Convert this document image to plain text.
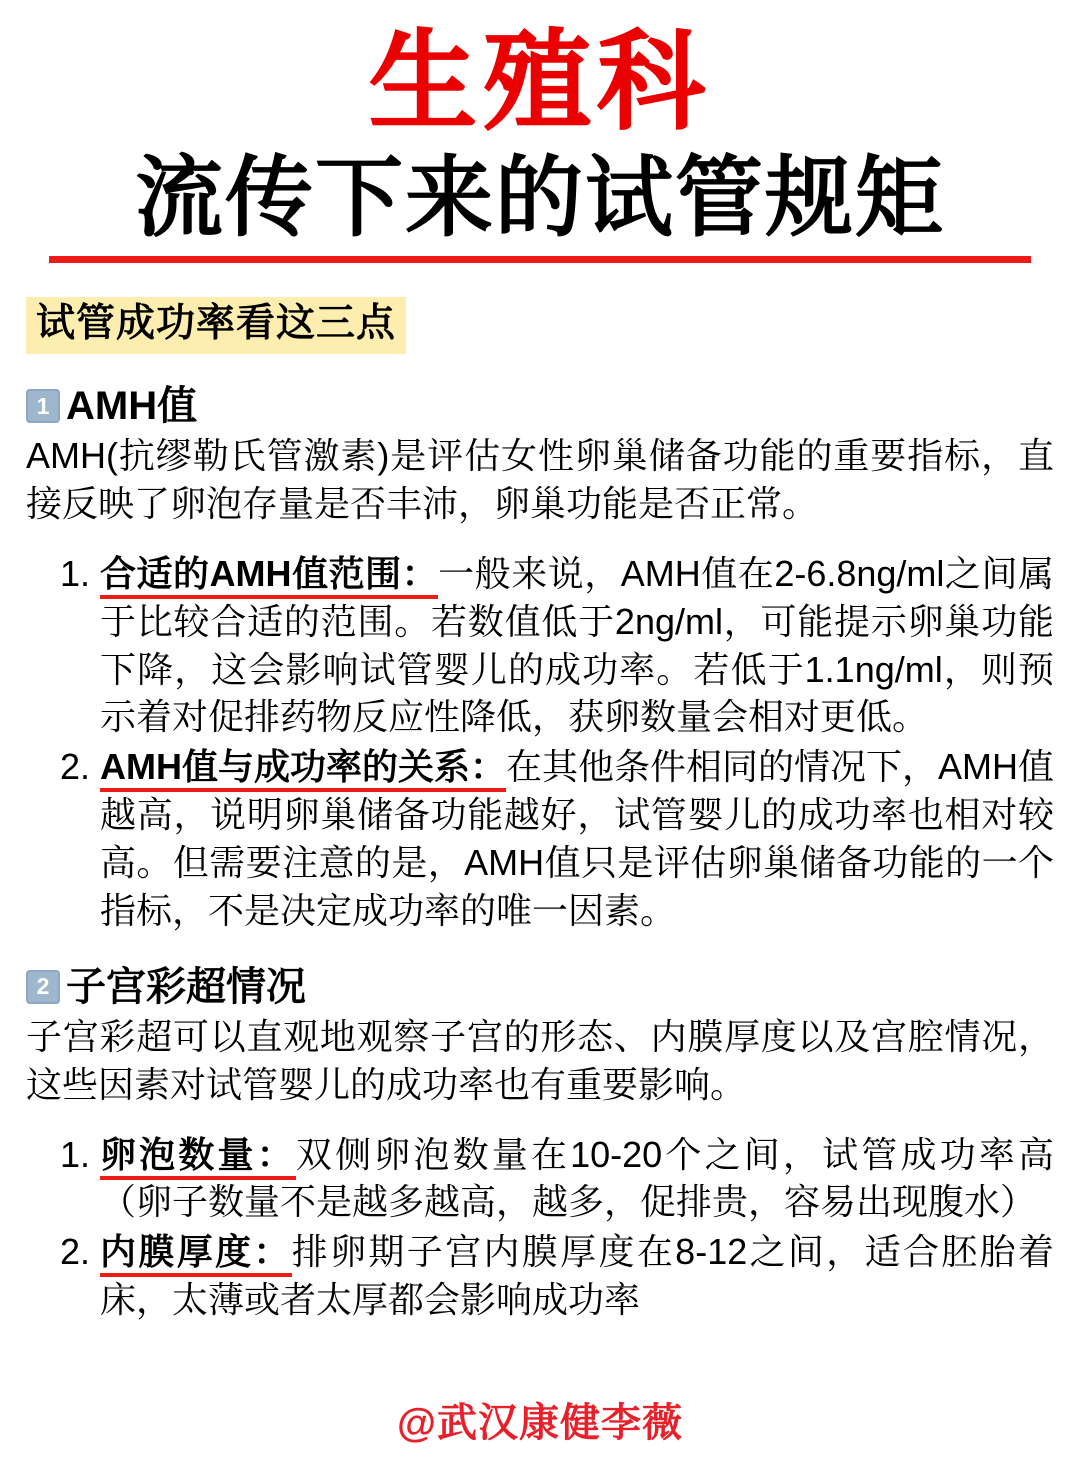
生殖科
流传下来的试管规矩
试管成功率看这三点
1 AMH值
AMH(抗缪勒氏管激素)是评估女性卵巢储备功能的重要指标，直接反映了卵泡存量是否丰沛，卵巢功能是否正常。
1. 合适的AMH值范围：一般来说，AMH值在2-6.8ng/ml之间属于比较合适的范围。若数值低于2ng/ml，可能提示卵巢功能下降，这会影响试管婴儿的成功率。若低于1.1ng/ml，则预示着对促排药物反应性降低，获卵数量会相对更低。
2. AMH值与成功率的关系：在其他条件相同的情况下，AMH值越高，说明卵巢储备功能越好，试管婴儿的成功率也相对较高。但需要注意的是，AMH值只是评估卵巢储备功能的一个指标，不是决定成功率的唯一因素。
2 子宫彩超情况
子宫彩超可以直观地观察子宫的形态、内膜厚度以及宫腔情况，这些因素对试管婴儿的成功率也有重要影响。
1. 卵泡数量：双侧卵泡数量在10-20个之间，试管成功率高（卵子数量不是越多越高，越多，促排贵，容易出现腹水）
2. 内膜厚度：排卵期子宫内膜厚度在8-12之间，适合胚胎着床，太薄或者太厚都会影响成功率
@武汉康健李薇
